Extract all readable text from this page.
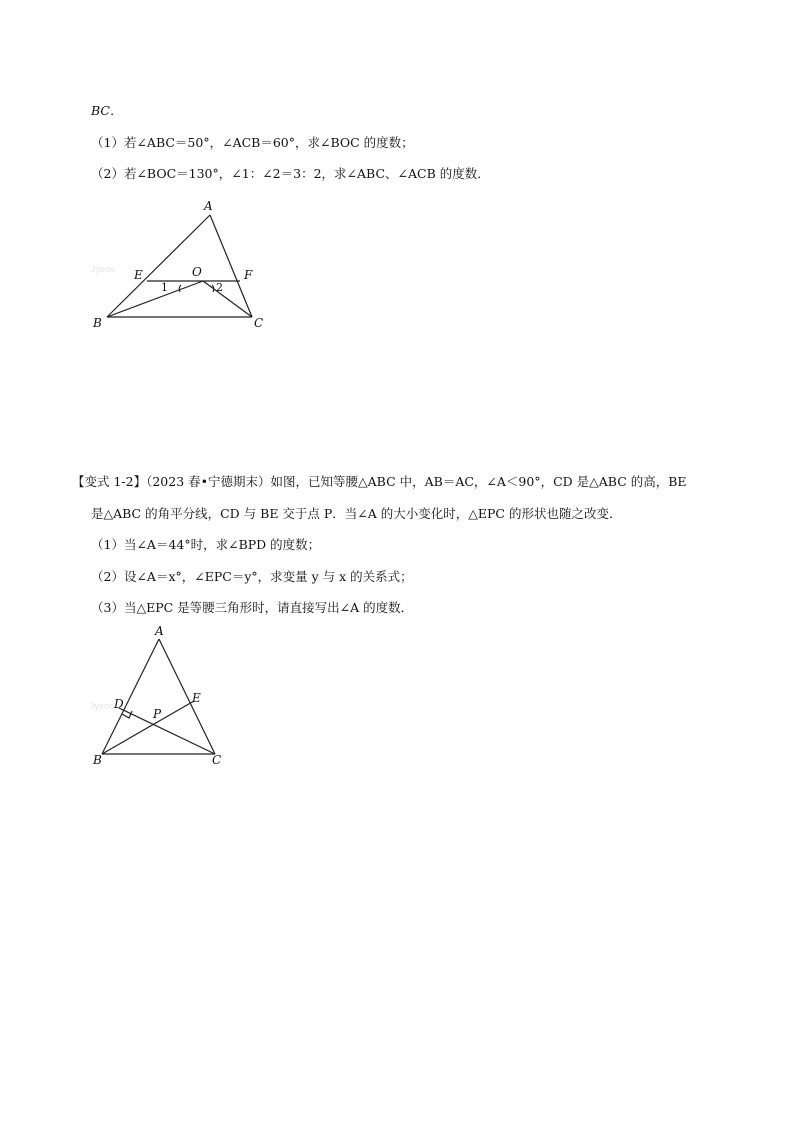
BC．
（1）若∠ABC＝50°，∠ACB＝60°，求∠BOC 的度数；
（2）若∠BOC＝130°，∠1：∠2＝3：2，求∠ABC、∠ACB 的度数．
Jyeoo
A
E	O	F
1	2
B	C
【变式 1-2】（2023 春•宁德期末）如图，已知等腰△ABC 中，AB＝AC，∠A＜90°，CD 是△ABC 的高，BE
是△ABC 的角平分线，CD 与 BE 交于点 P．当∠A 的大小变化时，△EPC 的形状也随之改变．
（1）当∠A＝44°时，求∠BPD 的度数；
（2）设∠A＝x°，∠EPC＝y°，求变量 y 与 x 的关系式；
（3）当△EPC 是等腰三角形时，请直接写出∠A 的度数．
Jyeoo
A
D	E
P
B	C
